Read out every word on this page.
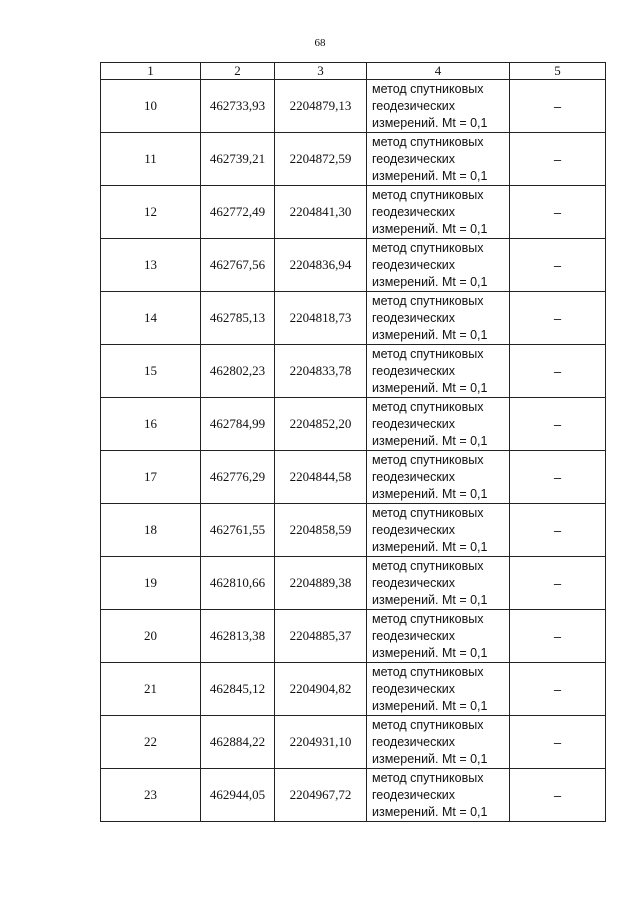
68
1	2	3	4	5
10	462733,93	2204879,13	метод спутниковых
геодезических
измерений. Mt = 0,1	–
11	462739,21	2204872,59	метод спутниковых
геодезических
измерений. Mt = 0,1	–
12	462772,49	2204841,30	метод спутниковых
геодезических
измерений. Mt = 0,1	–
13	462767,56	2204836,94	метод спутниковых
геодезических
измерений. Mt = 0,1	–
14	462785,13	2204818,73	метод спутниковых
геодезических
измерений. Mt = 0,1	–
15	462802,23	2204833,78	метод спутниковых
геодезических
измерений. Mt = 0,1	–
16	462784,99	2204852,20	метод спутниковых
геодезических
измерений. Mt = 0,1	–
17	462776,29	2204844,58	метод спутниковых
геодезических
измерений. Mt = 0,1	–
18	462761,55	2204858,59	метод спутниковых
геодезических
измерений. Mt = 0,1	–
19	462810,66	2204889,38	метод спутниковых
геодезических
измерений. Mt = 0,1	–
20	462813,38	2204885,37	метод спутниковых
геодезических
измерений. Mt = 0,1	–
21	462845,12	2204904,82	метод спутниковых
геодезических
измерений. Mt = 0,1	–
22	462884,22	2204931,10	метод спутниковых
геодезических
измерений. Mt = 0,1	–
23	462944,05	2204967,72	метод спутниковых
геодезических
измерений. Mt = 0,1	–
